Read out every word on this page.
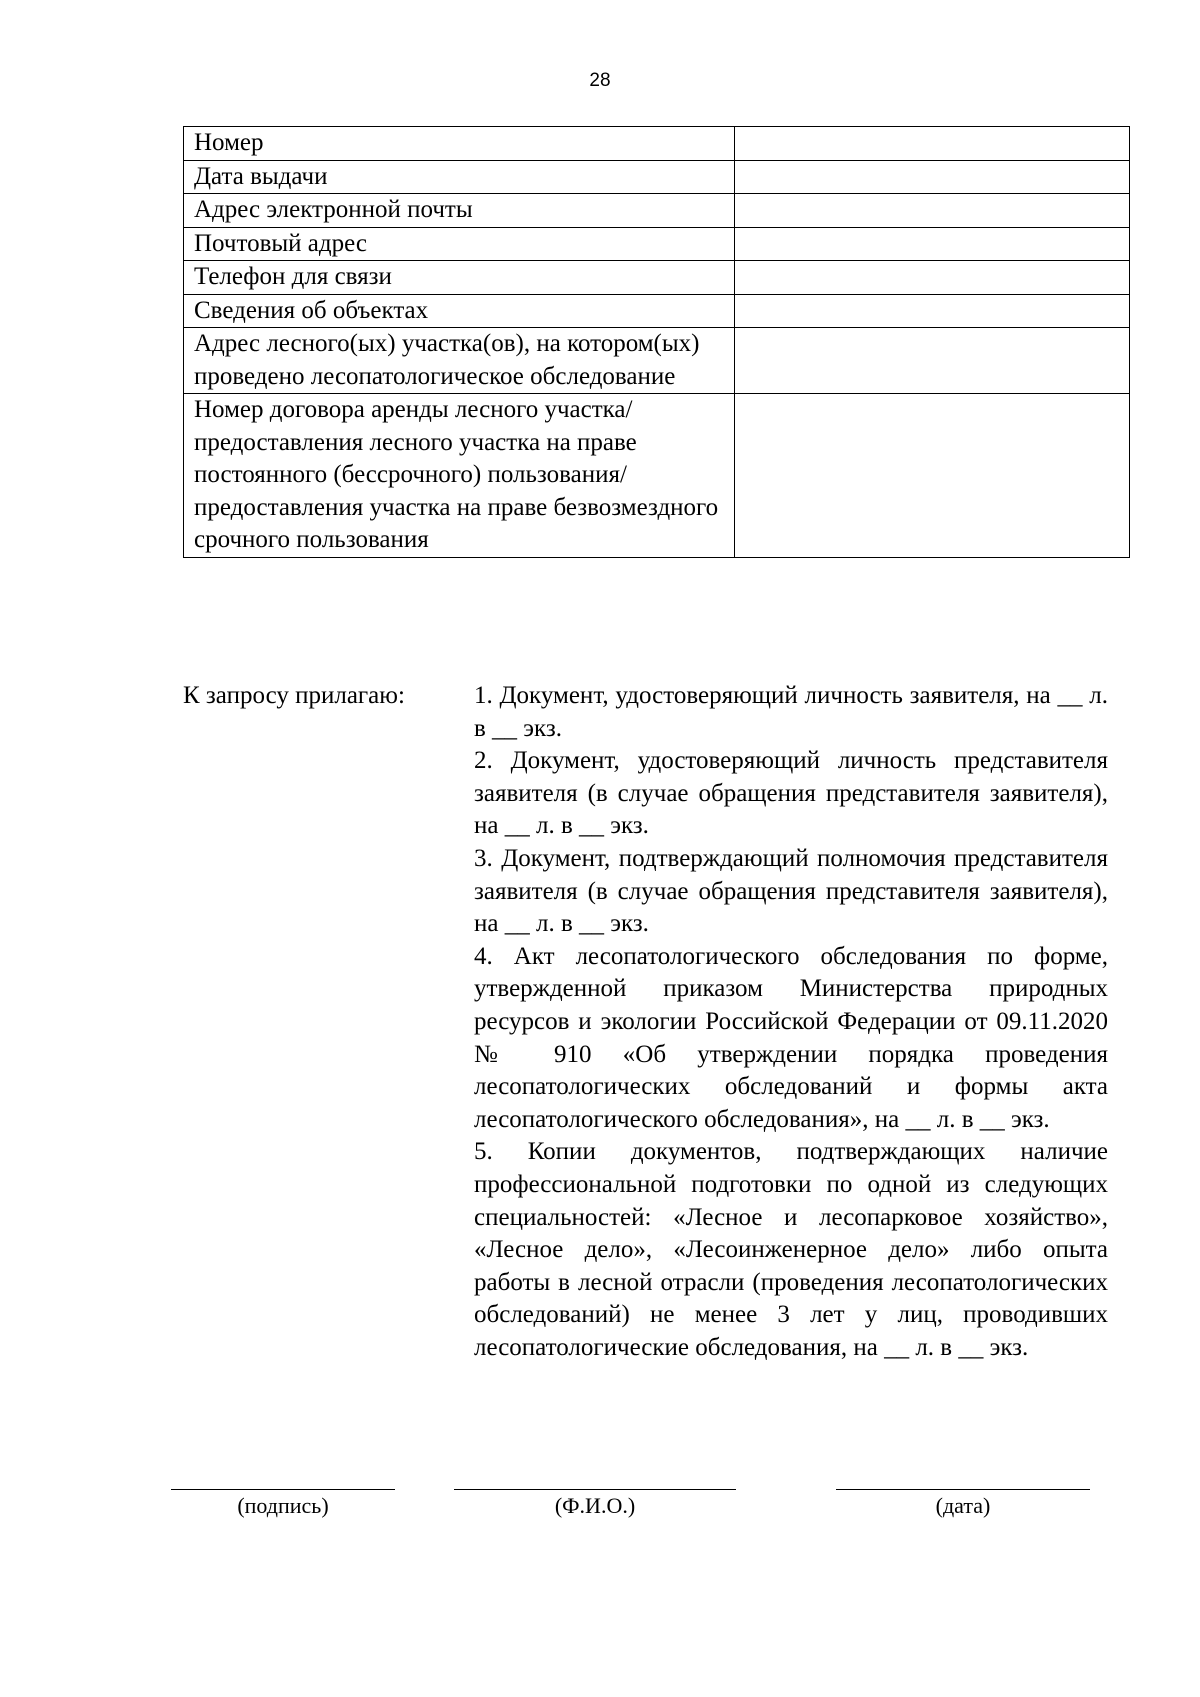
28
Номер	
Дата выдачи	
Адрес электронной почты	
Почтовый адрес	
Телефон для связи	
Сведения об объектах	
Адрес лесного(ых) участка(ов), на котором(ых) проведено лесопатологическое обследование	
Номер договора аренды лесного участка/предоставления лесного участка на праве постоянного (бессрочного) пользования/предоставления участка на праве безвозмездного срочного пользования	
К запросу прилагаю:	1. Документ, удостоверяющий личность заявителя, на __ л. в __ экз.

2. Документ, удостоверяющий личность представителя заявителя (в случае обращения представителя заявителя), на __ л. в __ экз.

3. Документ, подтверждающий полномочия представителя заявителя (в случае обращения представителя заявителя), на __ л. в __ экз.

4. Акт лесопатологического обследования по форме, утвержденной приказом Министерства природных ресурсов и экологии Российской Федерации от 09.11.2020 № 910 «Об утверждении порядка проведения лесопатологических обследований и формы акта лесопатологического обследования», на __ л. в __ экз.

5. Копии документов, подтверждающих наличие профессиональной подготовки по одной из следующих специальностей: «Лесное и лесопарковое хозяйство», «Лесное дело», «Лесоинженерное дело» либо опыта работы в лесной отрасли (проведения лесопатологических обследований) не менее 3 лет у лиц, проводивших лесопатологические обследования, на __ л. в __ экз.

(подпись)	(Ф.И.О.)	(дата)
